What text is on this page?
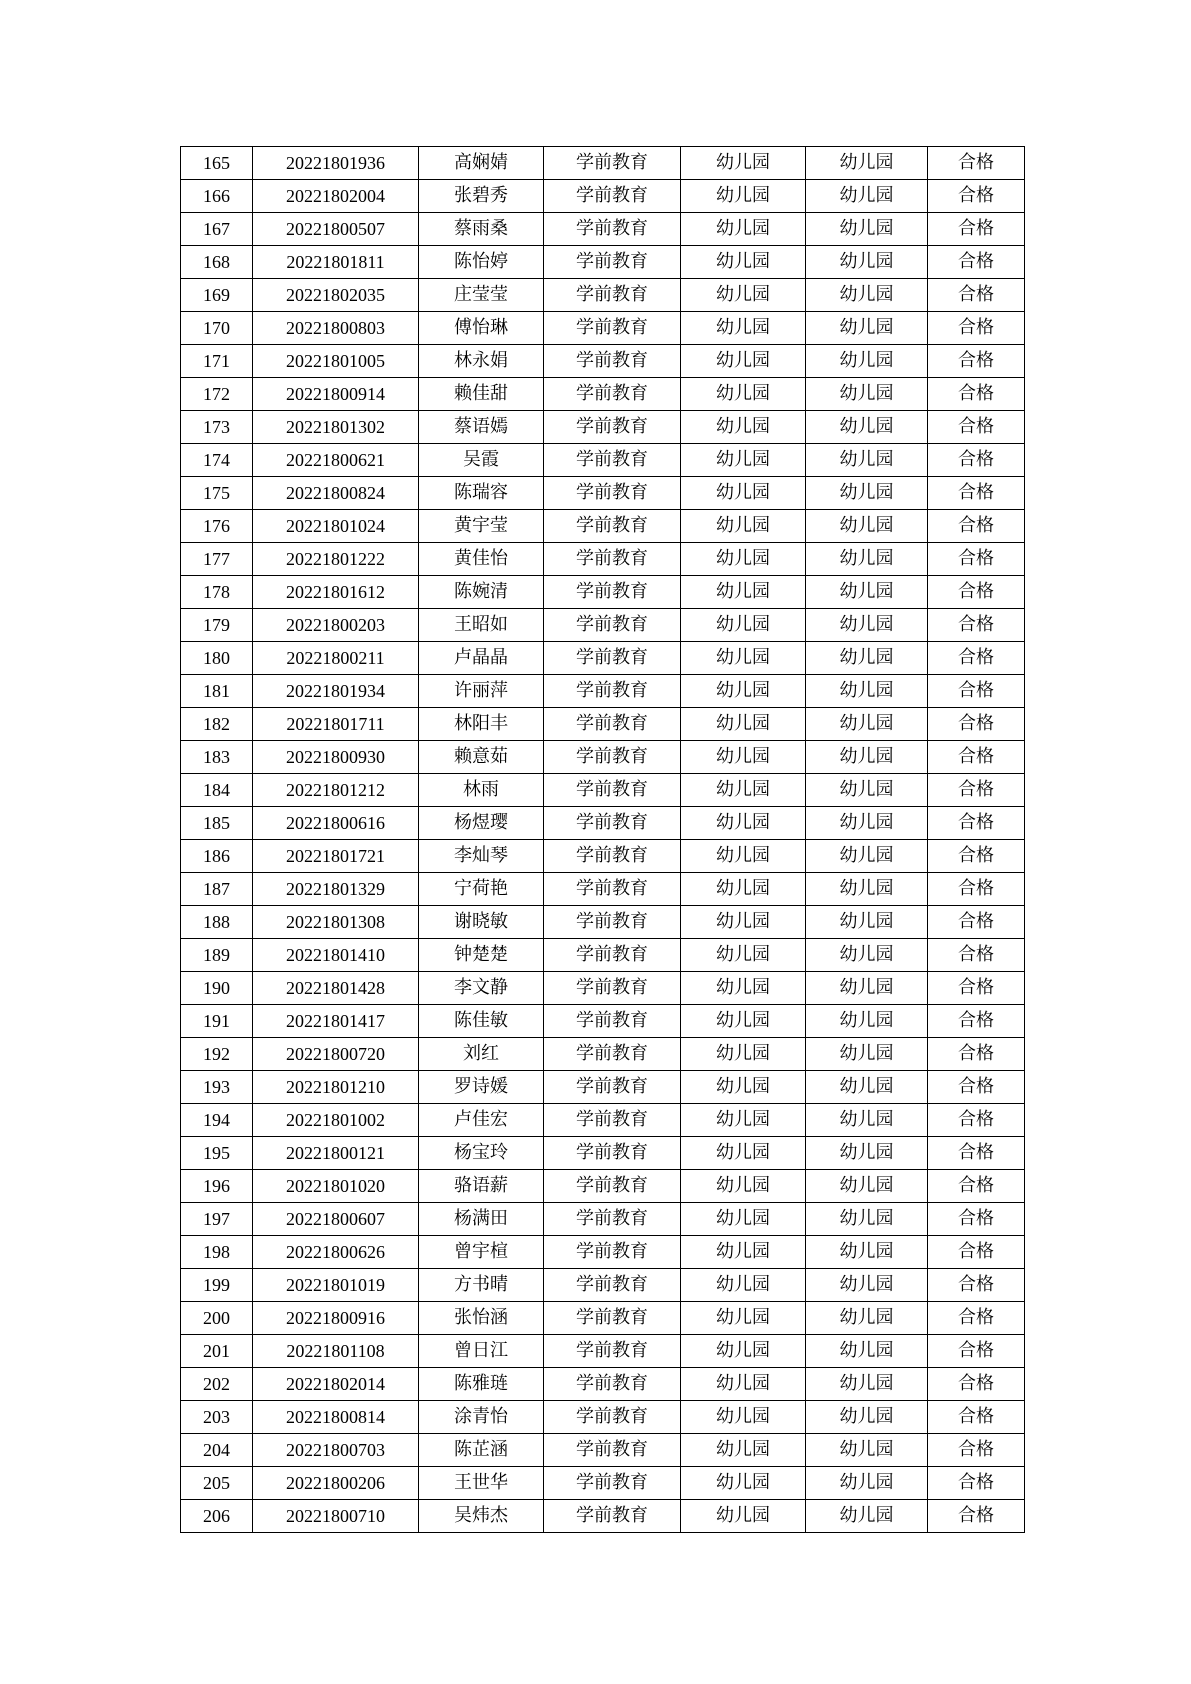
165	20221801936	高娴婧	学前教育	幼儿园	幼儿园	合格
166	20221802004	张碧秀	学前教育	幼儿园	幼儿园	合格
167	20221800507	蔡雨桑	学前教育	幼儿园	幼儿园	合格
168	20221801811	陈怡婷	学前教育	幼儿园	幼儿园	合格
169	20221802035	庄莹莹	学前教育	幼儿园	幼儿园	合格
170	20221800803	傅怡琳	学前教育	幼儿园	幼儿园	合格
171	20221801005	林永娟	学前教育	幼儿园	幼儿园	合格
172	20221800914	赖佳甜	学前教育	幼儿园	幼儿园	合格
173	20221801302	蔡语嫣	学前教育	幼儿园	幼儿园	合格
174	20221800621	吴霞	学前教育	幼儿园	幼儿园	合格
175	20221800824	陈瑞容	学前教育	幼儿园	幼儿园	合格
176	20221801024	黄宇莹	学前教育	幼儿园	幼儿园	合格
177	20221801222	黄佳怡	学前教育	幼儿园	幼儿园	合格
178	20221801612	陈婉清	学前教育	幼儿园	幼儿园	合格
179	20221800203	王昭如	学前教育	幼儿园	幼儿园	合格
180	20221800211	卢晶晶	学前教育	幼儿园	幼儿园	合格
181	20221801934	许丽萍	学前教育	幼儿园	幼儿园	合格
182	20221801711	林阳丰	学前教育	幼儿园	幼儿园	合格
183	20221800930	赖意茹	学前教育	幼儿园	幼儿园	合格
184	20221801212	林雨	学前教育	幼儿园	幼儿园	合格
185	20221800616	杨煜璎	学前教育	幼儿园	幼儿园	合格
186	20221801721	李灿琴	学前教育	幼儿园	幼儿园	合格
187	20221801329	宁荷艳	学前教育	幼儿园	幼儿园	合格
188	20221801308	谢晓敏	学前教育	幼儿园	幼儿园	合格
189	20221801410	钟楚楚	学前教育	幼儿园	幼儿园	合格
190	20221801428	李文静	学前教育	幼儿园	幼儿园	合格
191	20221801417	陈佳敏	学前教育	幼儿园	幼儿园	合格
192	20221800720	刘红	学前教育	幼儿园	幼儿园	合格
193	20221801210	罗诗媛	学前教育	幼儿园	幼儿园	合格
194	20221801002	卢佳宏	学前教育	幼儿园	幼儿园	合格
195	20221800121	杨宝玲	学前教育	幼儿园	幼儿园	合格
196	20221801020	骆语薪	学前教育	幼儿园	幼儿园	合格
197	20221800607	杨满田	学前教育	幼儿园	幼儿园	合格
198	20221800626	曾宇楦	学前教育	幼儿园	幼儿园	合格
199	20221801019	方书晴	学前教育	幼儿园	幼儿园	合格
200	20221800916	张怡涵	学前教育	幼儿园	幼儿园	合格
201	20221801108	曾日江	学前教育	幼儿园	幼儿园	合格
202	20221802014	陈雅琏	学前教育	幼儿园	幼儿园	合格
203	20221800814	涂青怡	学前教育	幼儿园	幼儿园	合格
204	20221800703	陈芷涵	学前教育	幼儿园	幼儿园	合格
205	20221800206	王世华	学前教育	幼儿园	幼儿园	合格
206	20221800710	吴炜杰	学前教育	幼儿园	幼儿园	合格
